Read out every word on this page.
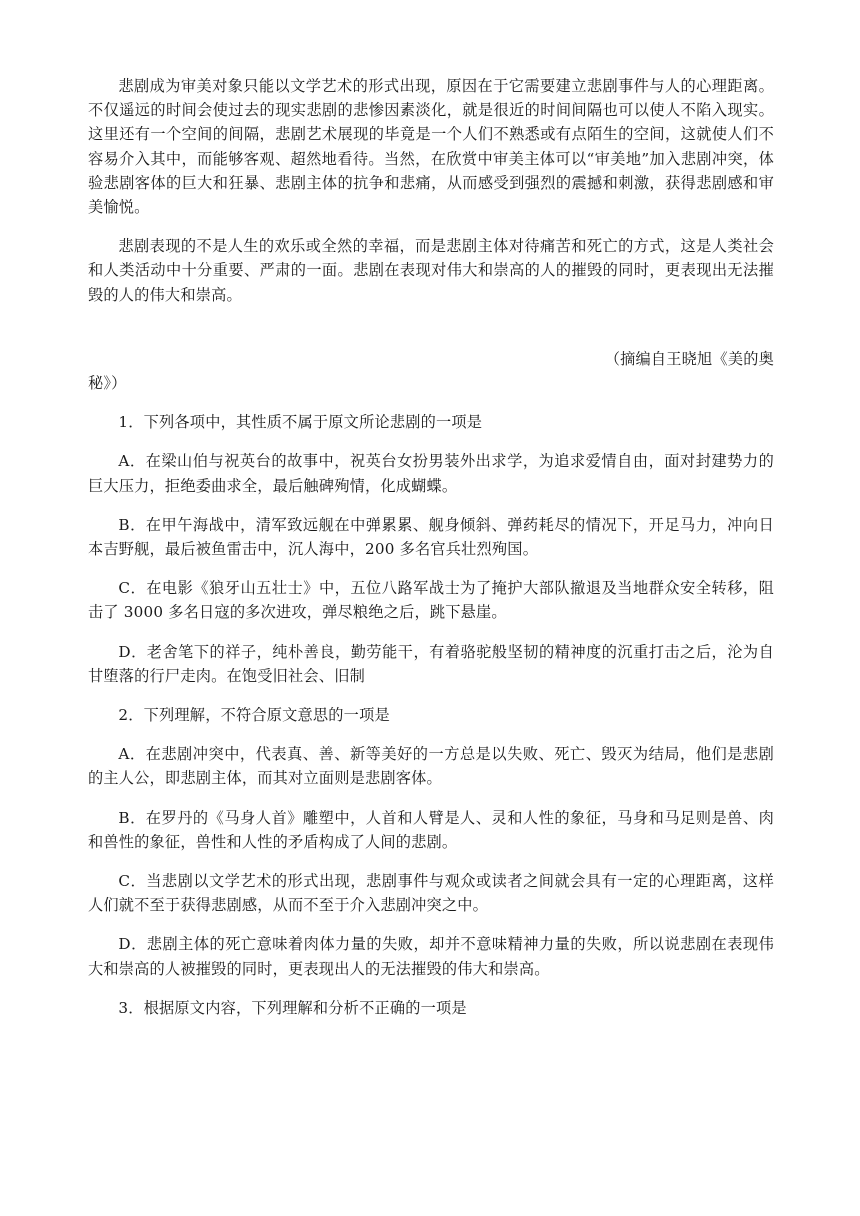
悲剧成为审美对象只能以文学艺术的形式出现，原因在于它需要建立悲剧事件与人的心理距离。不仅遥远的时间会使过去的现实悲剧的悲惨因素淡化，就是很近的时间间隔也可以使人不陷入现实。这里还有一个空间的间隔，悲剧艺术展现的毕竟是一个人们不熟悉或有点陌生的空间，这就使人们不容易介入其中，而能够客观、超然地看待。当然，在欣赏中审美主体可以“审美地”加入悲剧冲突，体验悲剧客体的巨大和狂暴、悲剧主体的抗争和悲痛，从而感受到强烈的震撼和刺激，获得悲剧感和审美愉悦。

悲剧表现的不是人生的欢乐或全然的幸福，而是悲剧主体对待痛苦和死亡的方式，这是人类社会和人类活动中十分重要、严肃的一面。悲剧在表现对伟大和崇高的人的摧毁的同时，更表现出无法摧毁的人的伟大和崇高。

（摘编自王晓旭《美的奥

秘》）

1．下列各项中，其性质不属于原文所论悲剧的一项是

A．在梁山伯与祝英台的故事中，祝英台女扮男装外出求学，为追求爱情自由，面对封建势力的巨大压力，拒绝委曲求全，最后触碑殉情，化成蝴蝶。

B．在甲午海战中，清军致远舰在中弹累累、舰身倾斜、弹药耗尽的情况下，开足马力，冲向日本吉野舰，最后被鱼雷击中，沉人海中，200 多名官兵壮烈殉国。

C．在电影《狼牙山五壮士》中，五位八路军战士为了掩护大部队撤退及当地群众安全转移，阻击了 3000 多名日寇的多次进攻，弹尽粮绝之后，跳下悬崖。

D．老舍笔下的祥子，纯朴善良，勤劳能干，有着骆驼般坚韧的精神度的沉重打击之后，沦为自甘堕落的行尸走肉。在饱受旧社会、旧制

2．下列理解，不符合原文意思的一项是

A．在悲剧冲突中，代表真、善、新等美好的一方总是以失败、死亡、毁灭为结局，他们是悲剧的主人公，即悲剧主体，而其对立面则是悲剧客体。

B．在罗丹的《马身人首》雕塑中，人首和人臂是人、灵和人性的象征，马身和马足则是兽、肉和兽性的象征，兽性和人性的矛盾构成了人间的悲剧。

C．当悲剧以文学艺术的形式出现，悲剧事件与观众或读者之间就会具有一定的心理距离，这样人们就不至于获得悲剧感，从而不至于介入悲剧冲突之中。

D．悲剧主体的死亡意味着肉体力量的失败，却并不意味精神力量的失败，所以说悲剧在表现伟大和崇高的人被摧毁的同时，更表现出人的无法摧毁的伟大和崇高。

3．根据原文内容，下列理解和分析不正确的一项是
